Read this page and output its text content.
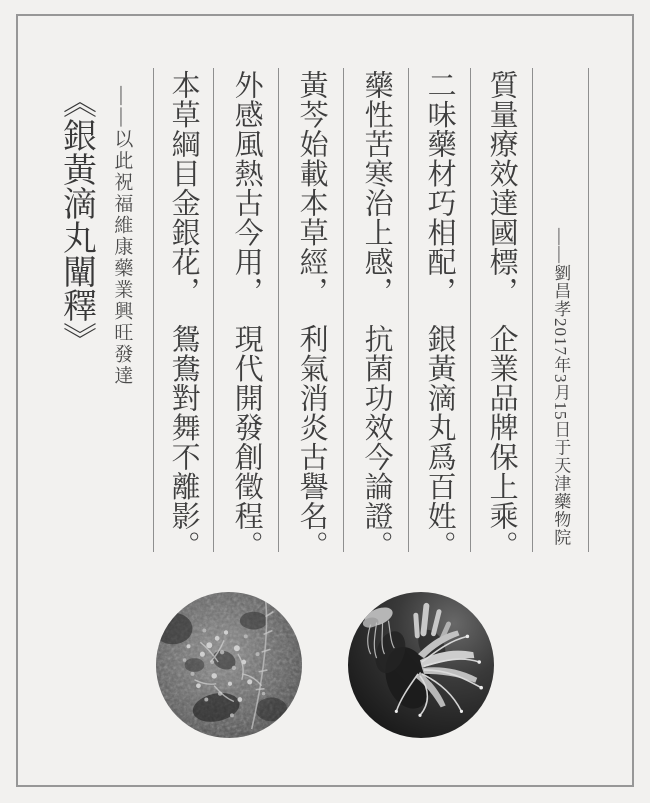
——劉昌孝2017年3月15日于天津藥物院
質量療效達國標，
企業品牌保上乘。
二味藥材巧相配，
銀黃滴丸爲百姓。
藥性苦寒治上感，
抗菌功效今論證。
黃芩始載本草經，
利氣消炎古譽名。
外感風熱古今用，
現代開發創徵程。
本草綱目金銀花，
鴛鴦對舞不離影。
——以此祝福維康藥業興旺發達
《銀黃滴丸闡釋》
